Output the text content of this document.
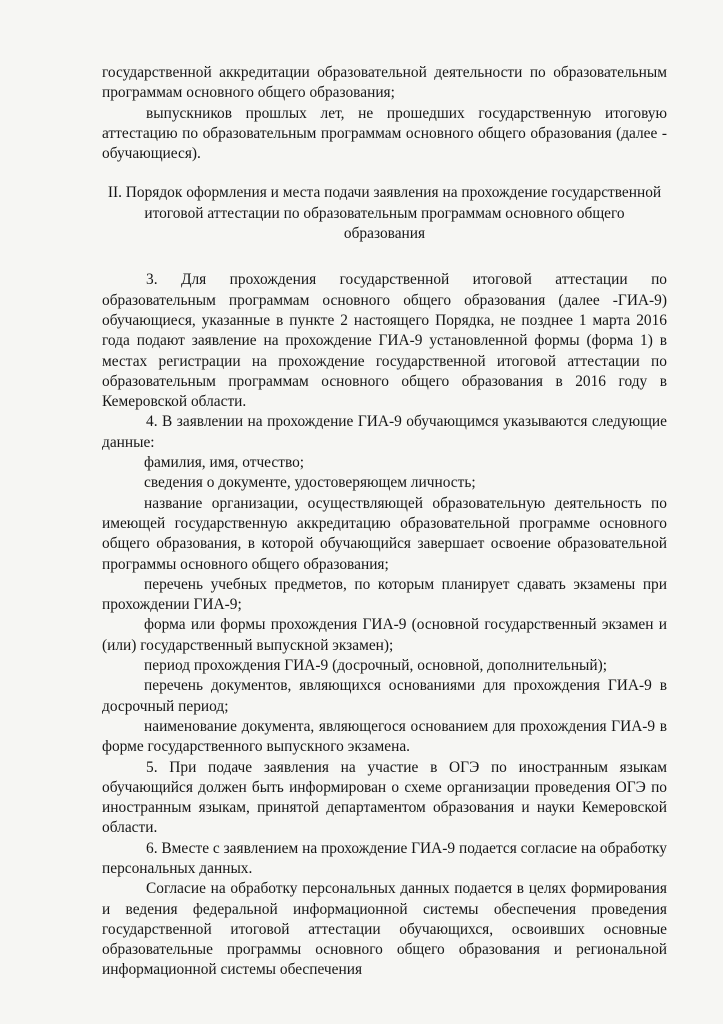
государственной аккредитации образовательной деятельности по образовательным программам основного общего образования;

выпускников прошлых лет, не прошедших государственную итоговую аттестацию по образовательным программам основного общего образования (далее - обучающиеся).

II. Порядок оформления и места подачи заявления на прохождение государственной итоговой аттестации по образовательным программам основного общего образования

3. Для прохождения государственной итоговой аттестации по образовательным программам основного общего образования (далее -ГИА-9) обучающиеся, указанные в пункте 2 настоящего Порядка, не позднее 1 марта 2016 года подают заявление на прохождение ГИА-9 установленной формы (форма 1) в местах регистрации на прохождение государственной итоговой аттестации по образовательным программам основного общего образования в 2016 году в Кемеровской области.

4. В заявлении на прохождение ГИА-9 обучающимся указываются следующие данные:

фамилия, имя, отчество;

сведения о документе, удостоверяющем личность;

название организации, осуществляющей образовательную деятельность по имеющей государственную аккредитацию образовательной программе основного общего образования, в которой обучающийся завершает освоение образовательной программы основного общего образования;

перечень учебных предметов, по которым планирует сдавать экзамены при прохождении ГИА-9;

форма или формы прохождения ГИА-9 (основной государственный экзамен и (или) государственный выпускной экзамен);

период прохождения ГИА-9 (досрочный, основной, дополнительный);

перечень документов, являющихся основаниями для прохождения ГИА-9 в досрочный период;

наименование документа, являющегося основанием для прохождения ГИА-9 в форме государственного выпускного экзамена.

5. При подаче заявления на участие в ОГЭ по иностранным языкам обучающийся должен быть информирован о схеме организации проведения ОГЭ по иностранным языкам, принятой департаментом образования и науки Кемеровской области.

6. Вместе с заявлением на прохождение ГИА-9 подается согласие на обработку персональных данных.

Согласие на обработку персональных данных подается в целях формирования и ведения федеральной информационной системы обеспечения проведения государственной итоговой аттестации обучающихся, освоивших основные образовательные программы основного общего образования и региональной информационной системы обеспечения
